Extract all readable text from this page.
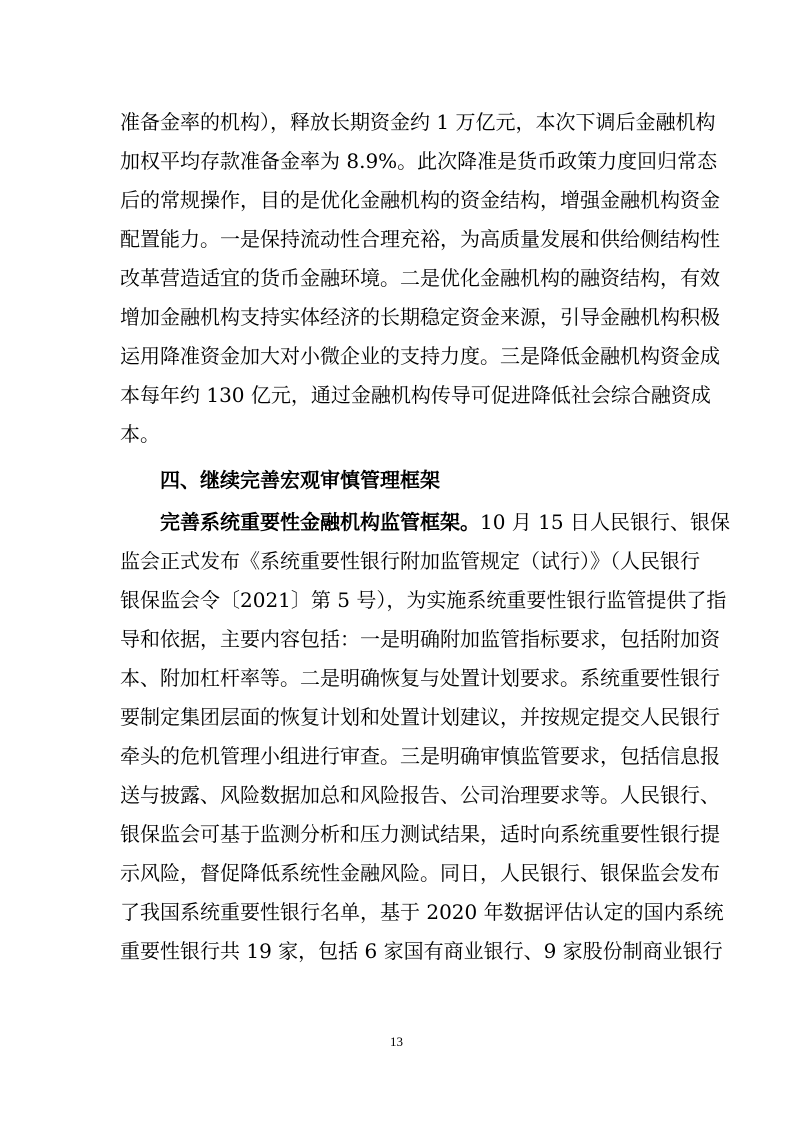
准备金率的机构），释放长期资金约 1 万亿元，本次下调后金融机构
加权平均存款准备金率为 8.9%。此次降准是货币政策力度回归常态
后的常规操作，目的是优化金融机构的资金结构，增强金融机构资金
配置能力。一是保持流动性合理充裕，为高质量发展和供给侧结构性
改革营造适宜的货币金融环境。二是优化金融机构的融资结构，有效
增加金融机构支持实体经济的长期稳定资金来源，引导金融机构积极
运用降准资金加大对小微企业的支持力度。三是降低金融机构资金成
本每年约 130 亿元，通过金融机构传导可促进降低社会综合融资成
本。
四、继续完善宏观审慎管理框架
完善系统重要性金融机构监管框架。10 月 15 日人民银行、银保
监会正式发布《系统重要性银行附加监管规定（试行）》（人民银行
银保监会令〔2021〕第 5 号），为实施系统重要性银行监管提供了指
导和依据，主要内容包括：一是明确附加监管指标要求，包括附加资
本、附加杠杆率等。二是明确恢复与处置计划要求。系统重要性银行
要制定集团层面的恢复计划和处置计划建议，并按规定提交人民银行
牵头的危机管理小组进行审查。三是明确审慎监管要求，包括信息报
送与披露、风险数据加总和风险报告、公司治理要求等。人民银行、
银保监会可基于监测分析和压力测试结果，适时向系统重要性银行提
示风险，督促降低系统性金融风险。同日，人民银行、银保监会发布
了我国系统重要性银行名单，基于 2020 年数据评估认定的国内系统
重要性银行共 19 家，包括 6 家国有商业银行、9 家股份制商业银行
13
